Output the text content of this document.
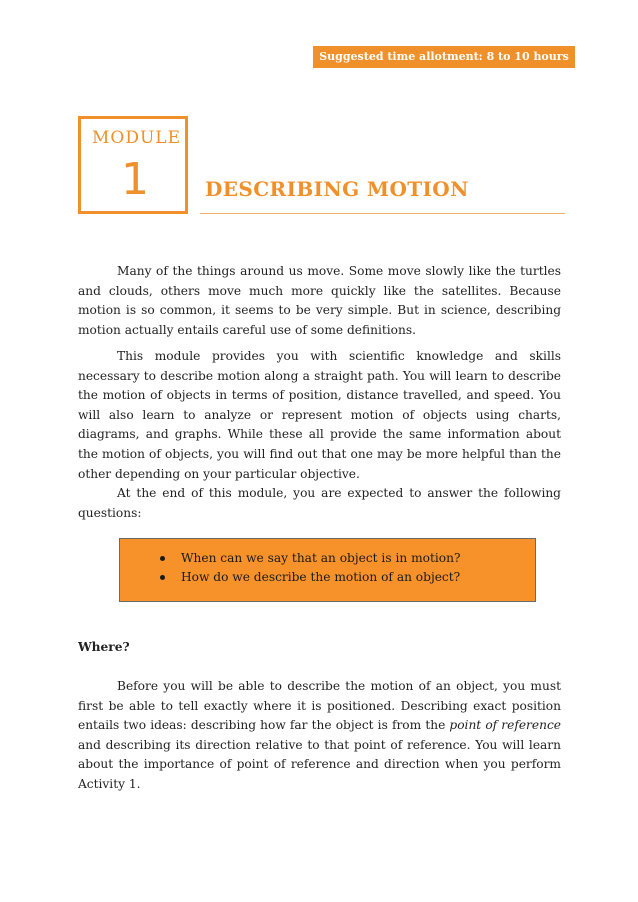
Suggested time allotment: 8 to 10 hours
MODULE
1	DESCRIBING MOTION

Many of the things around us move. Some move slowly like the turtles and clouds, others move much more quickly like the satellites. Because motion is so common, it seems to be very simple. But in science, describing motion actually entails careful use of some definitions.

This module provides you with scientific knowledge and skills necessary to describe motion along a straight path. You will learn to describe the motion of objects in terms of position, distance travelled, and speed. You will also learn to analyze or represent motion of objects using charts, diagrams, and graphs. While these all provide the same information about the motion of objects, you will find out that one may be more helpful than the other depending on your particular objective.

At the end of this module, you are expected to answer the following questions:

When can we say that an object is in motion?
How do we describe the motion of an object?

Where?

Before you will be able to describe the motion of an object, you must first be able to tell exactly where it is positioned. Describing exact position entails two ideas: describing how far the object is from the point of reference and describing its direction relative to that point of reference. You will learn about the importance of point of reference and direction when you perform Activity 1.
